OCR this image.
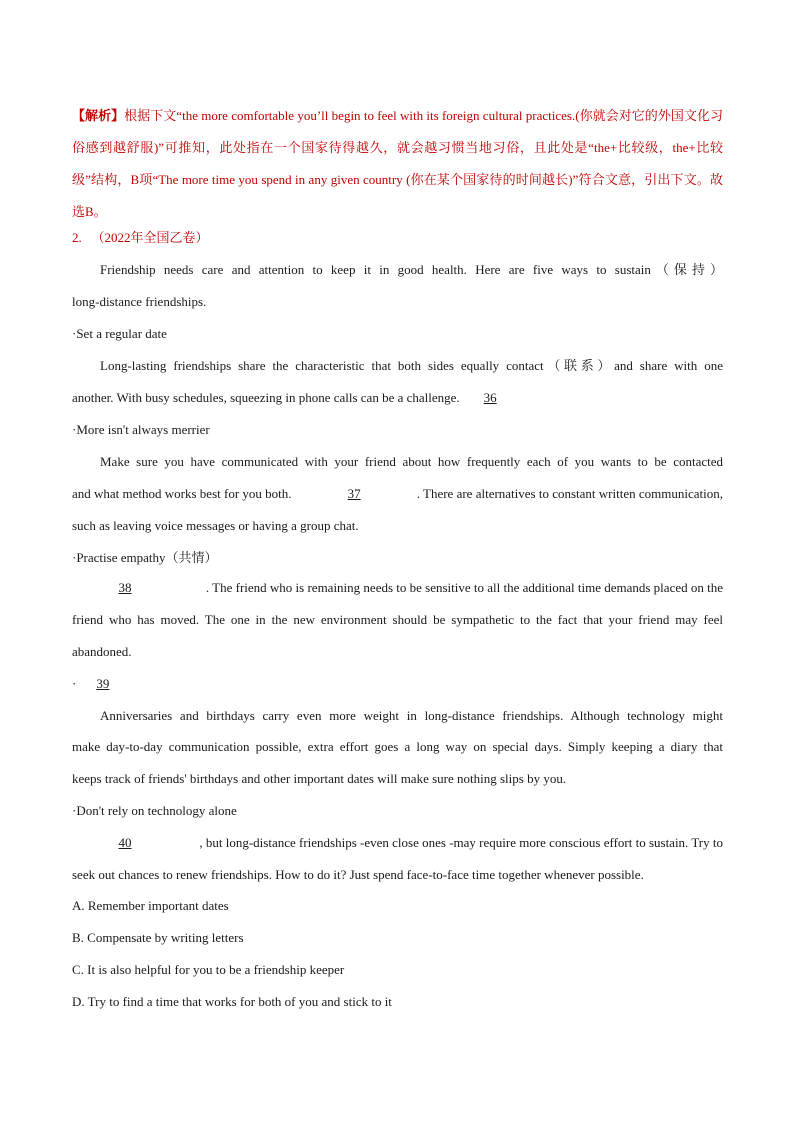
【解析】根据下文“the more comfortable you’ll begin to feel with its foreign cultural practices.(你就会对它的外国文化习俗感到越舒服)”可推知，此处指在一个国家待得越久，就会越习惯当地习俗，且此处是“the+比较级，the+比较级”结构，B项“The more time you spend in any given country (你在某个国家待的时间越长)”符合文意，引出下文。故选B。
2. （2022年全国乙卷）
Friendship needs care and attention to keep it in good health. Here are five ways to sustain（保持）
long-distance friendships.
·Set a regular date
Long-lasting friendships share the characteristic that both sides equally contact（联系）and share with one
another. With busy schedules, squeezing in phone calls can be a challenge. 36
·More isn't always merrier
Make sure you have communicated with your friend about how frequently each of you wants to be contacted
and what method works best for you both.	37	. There are alternatives to constant written communication,
such as leaving voice messages or having a group chat.
·Practise empathy（共情）
38	. The friend who is remaining needs to be sensitive to all the additional time demands placed on the
friend who has moved. The one in the new environment should be sympathetic to the fact that your friend may feel
abandoned.
· 39
Anniversaries and birthdays carry even more weight in long-distance friendships. Although technology might
make day-to-day communication possible, extra effort goes a long way on special days. Simply keeping a diary that
keeps track of friends' birthdays and other important dates will make sure nothing slips by you.
·Don't rely on technology alone
40	, but long-distance friendships -even close ones -may require more conscious effort to sustain. Try to
seek out chances to renew friendships. How to do it? Just spend face-to-face time together whenever possible.
A. Remember important dates
B. Compensate by writing letters
C. It is also helpful for you to be a friendship keeper
D. Try to find a time that works for both of you and stick to it
